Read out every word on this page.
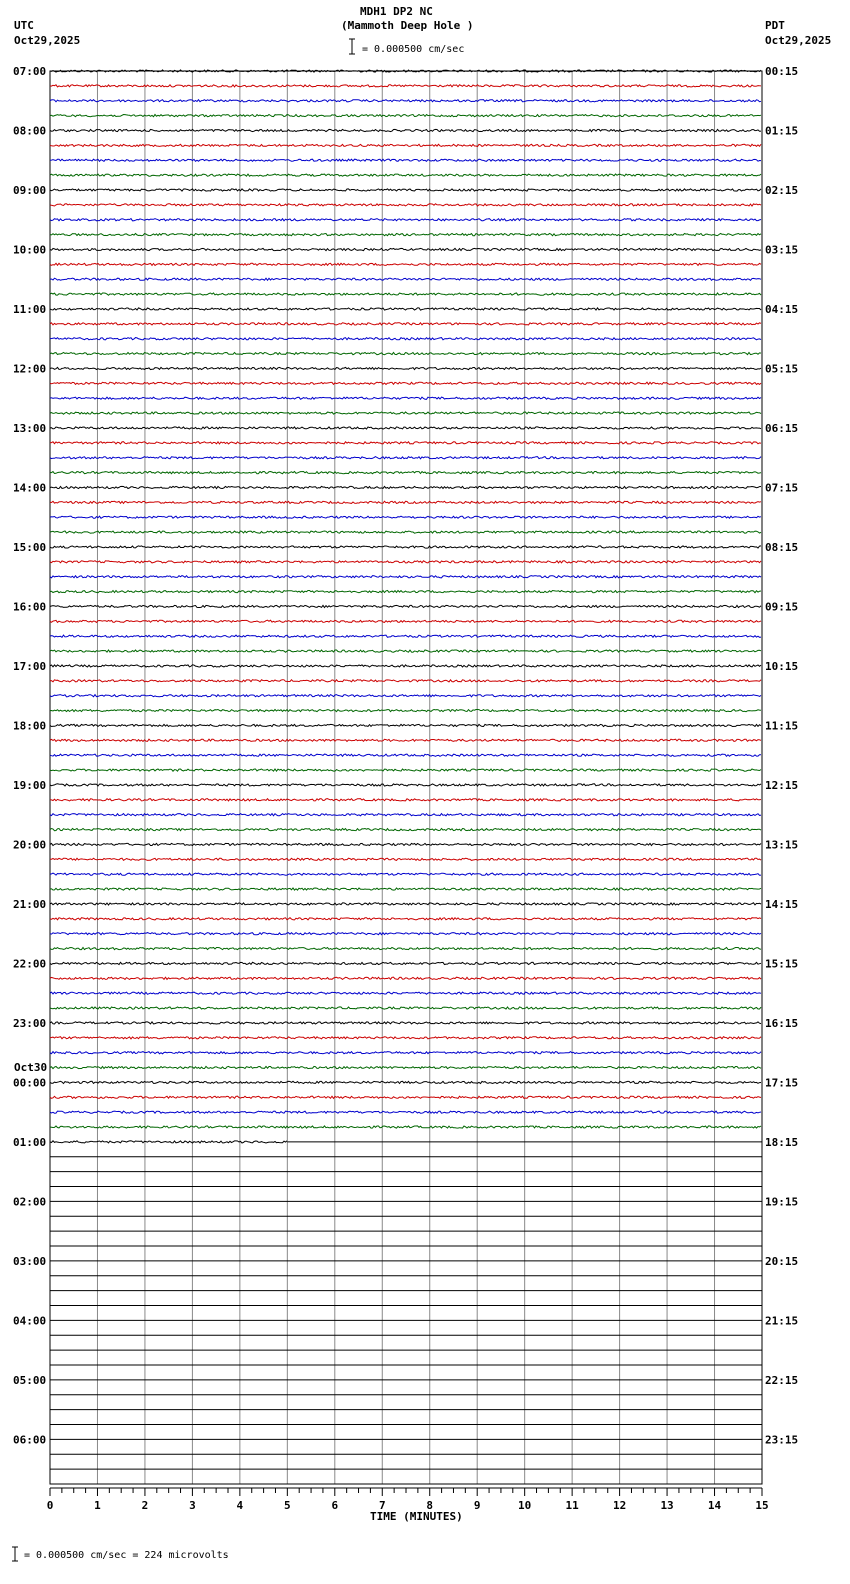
MDH1 DP2 NC
(Mammoth Deep Hole )
= 0.000500 cm/sec
UTC
Oct29,2025
PDT
Oct29,2025
Oct30
TIME (MINUTES)
= 0.000500 cm/sec = 224 microvolts
07:00
08:00
09:00
10:00
11:00
12:00
13:00
14:00
15:00
16:00
17:00
18:00
19:00
20:00
21:00
22:00
23:00
00:00
01:00
02:00
03:00
04:00
05:00
06:00
00:15
01:15
02:15
03:15
04:15
05:15
06:15
07:15
08:15
09:15
10:15
11:15
12:15
13:15
14:15
15:15
16:15
17:15
18:15
19:15
20:15
21:15
22:15
23:15
0	1	2	3	4	5	6	7	8	9	10	11	12	13	14	15
